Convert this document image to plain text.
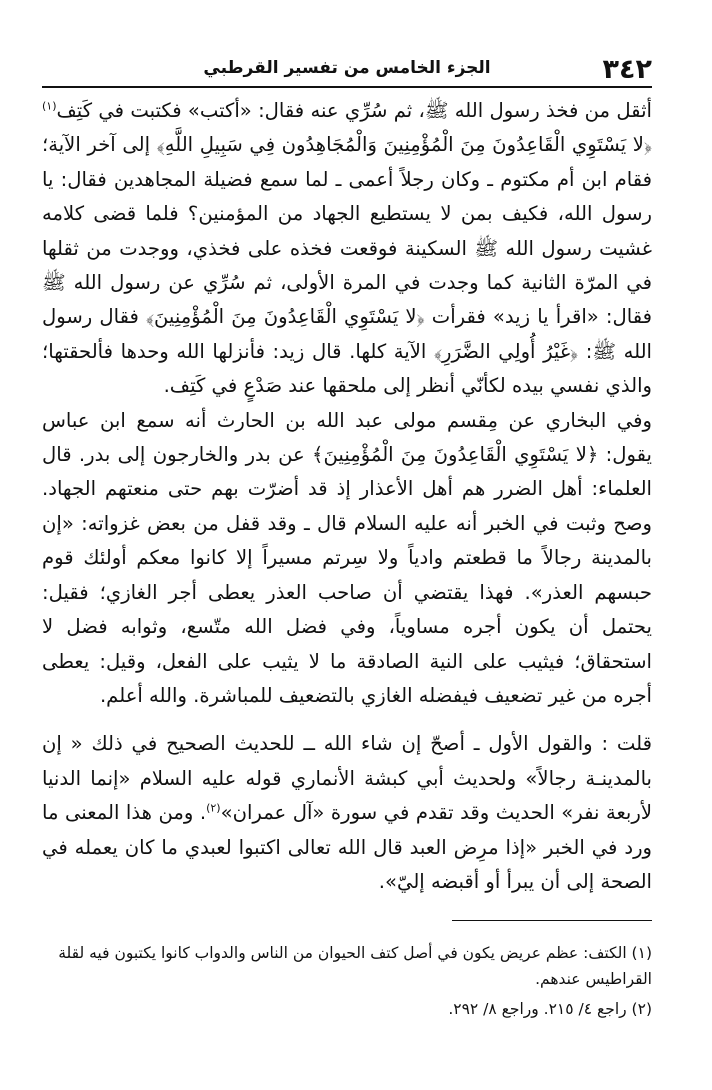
٣٤٢
الجزء الخامس من تفسير القرطبي

أثقل من فخذ رسول الله ﷺ، ثم سُرِّي عنه فقال: «أكتب» فكتبت في كَتِف$^{(١)}$ ﴿لا يَسْتَوِي الْقَاعِدُونَ مِنَ الْمُؤْمِنِينَ وَالْمُجَاهِدُون فِي سَبِيلِ اللَّهِ﴾ إلى آخر الآية؛ فقام ابن أم مكتوم ـ وكان رجلاً أعمى ـ لما سمع فضيلة المجاهدين فقال: يا رسول الله، فكيف بمن لا يستطيع الجهاد من المؤمنين؟ فلما قضى كلامه غشيت رسول الله ﷺ السكينة فوقعت فخذه على فخذي، ووجدت من ثقلها في المرّة الثانية كما وجدت في المرة الأولى، ثم سُرِّي عن رسول الله ﷺ فقال: «اقرأ يا زيد» فقرأت ﴿لا يَسْتَوِي الْقَاعِدُونَ مِنَ الْمُؤْمِنِينَ﴾ فقال رسول الله ﷺ: ﴿غَيْرُ أُولِي الضَّرَرِ﴾ الآية كلها. قال زيد: فأنزلها الله وحدها فألحقتها؛ والذي نفسي بيده لكأنّي أنظر إلى ملحقها عند صَدْعٍ في كَتِف.

وفي البخاري عن مِقسم مولى عبد الله بن الحارث أنه سمع ابن عباس يقول: ﴿لا يَسْتَوِي الْقَاعِدُونَ مِنَ الْمُؤْمِنِينَ﴾ عن بدر والخارجون إلى بدر. قال العلماء: أهل الضرر هم أهل الأعذار إذ قد أضرّت بهم حتى منعتهم الجهاد. وصح وثبت في الخبر أنه عليه السلام قال ـ وقد قفل من بعض غزواته: «إن بالمدينة رجالاً ما قطعتم وادياً ولا سِرتم مسيراً إلا كانوا معكم أولئك قوم حبسهم العذر». فهذا يقتضي أن صاحب العذر يعطى أجر الغازي؛ فقيل: يحتمل أن يكون أجره مساوياً، وفي فضل الله متّسع، وثوابه فضل لا استحقاق؛ فيثيب على النية الصادقة ما لا يثيب على الفعل، وقيل: يعطى أجره من غير تضعيف فيفضله الغازي بالتضعيف للمباشرة. والله أعلم.

قلت : والقول الأول ـ أصحّ إن شاء الله ــ للحديث الصحيح في ذلك « إن بالمدينـة رجالاً» ولحديث أبي كبشة الأنماري قوله عليه السلام «إنما الدنيا لأربعة نفر» الحديث وقد تقدم في سورة «آل عمران»$^{(٢)}$. ومن هذا المعنى ما ورد في الخبر «إذا مرِض العبد قال الله تعالى اكتبوا لعبدي ما كان يعمله في الصحة إلى أن يبرأ أو أقبضه إليّ».

(١) الكتف: عظم عريض يكون في أصل كتف الحيوان من الناس والدواب كانوا يكتبون فيه لقلة القراطيس عندهم.

(٢) راجع ٤/ ٢١٥. وراجع ٨/ ٢٩٢.
